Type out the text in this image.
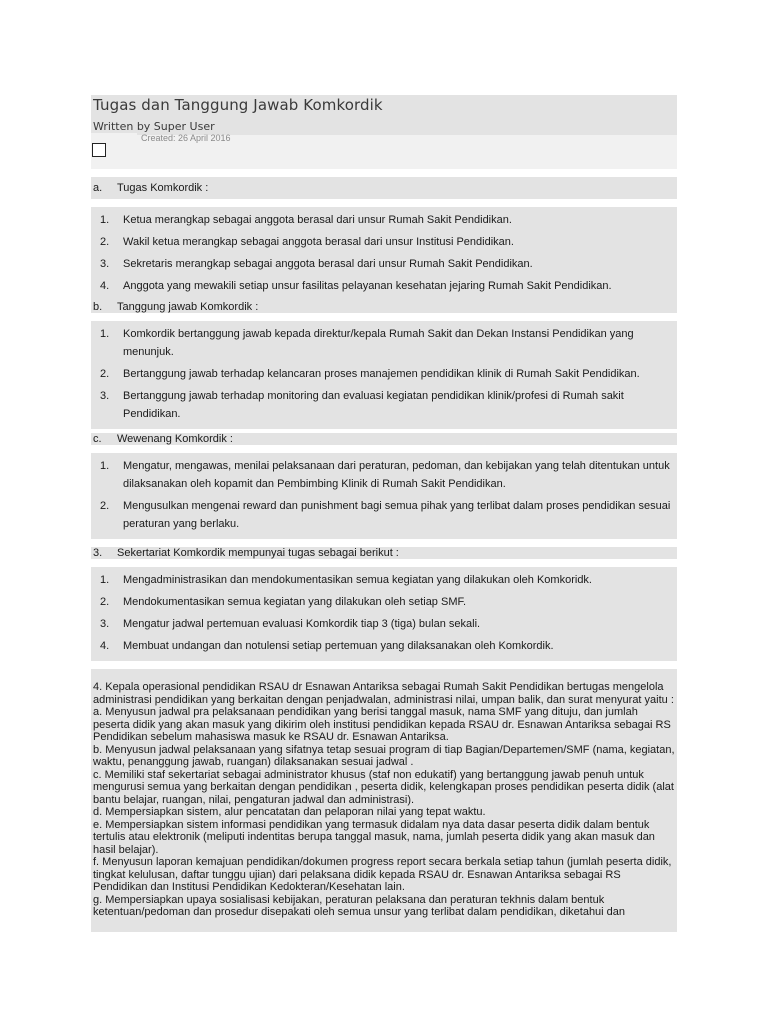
Tugas dan Tanggung Jawab Komkordik
Written by Super User
Created: 26 April 2016
a. Tugas Komkordik :
1. Ketua merangkap sebagai anggota berasal dari unsur Rumah Sakit Pendidikan.
2. Wakil ketua merangkap sebagai anggota berasal dari unsur Institusi Pendidikan.
3. Sekretaris merangkap sebagai anggota berasal dari unsur Rumah Sakit Pendidikan.
4. Anggota yang mewakili setiap unsur fasilitas pelayanan kesehatan jejaring Rumah Sakit Pendidikan.
b. Tanggung jawab Komkordik :
1. Komkordik bertanggung jawab kepada direktur/kepala Rumah Sakit dan Dekan Instansi Pendidikan yang menunjuk.
2. Bertanggung jawab terhadap kelancaran proses manajemen pendidikan klinik di Rumah Sakit Pendidikan.
3. Bertanggung jawab terhadap monitoring dan evaluasi kegiatan pendidikan klinik/profesi di Rumah sakit Pendidikan.
c. Wewenang Komkordik :
1. Mengatur, mengawas, menilai pelaksanaan dari peraturan, pedoman, dan kebijakan yang telah ditentukan untuk dilaksanakan oleh kopamit dan Pembimbing Klinik di Rumah Sakit Pendidikan.
2. Mengusulkan mengenai reward dan punishment bagi semua pihak yang terlibat dalam proses pendidikan sesuai peraturan yang berlaku.
3. Sekertariat Komkordik mempunyai tugas sebagai berikut :
1. Mengadministrasikan dan mendokumentasikan semua kegiatan yang dilakukan oleh Komkoridk.
2. Mendokumentasikan semua kegiatan yang dilakukan oleh setiap SMF.
3. Mengatur jadwal pertemuan evaluasi Komkordik tiap 3 (tiga) bulan sekali.
4. Membuat undangan dan notulensi setiap pertemuan yang dilaksanakan oleh Komkordik.

4. Kepala operasional pendidikan RSAU dr Esnawan Antariksa sebagai Rumah Sakit Pendidikan bertugas mengelola administrasi pendidikan yang berkaitan dengan penjadwalan, administrasi nilai, umpan balik, dan surat menyurat yaitu :

a. Menyusun jadwal pra pelaksanaan pendidikan yang berisi tanggal masuk, nama SMF yang dituju, dan jumlah peserta didik yang akan masuk yang dikirim oleh institusi pendidikan kepada RSAU dr. Esnawan Antariksa sebagai RS Pendidikan sebelum mahasiswa masuk ke RSAU dr. Esnawan Antariksa.

b. Menyusun jadwal pelaksanaan yang sifatnya tetap sesuai program di tiap Bagian/Departemen/SMF (nama, kegiatan, waktu, penanggung jawab, ruangan) dilaksanakan sesuai jadwal .

c. Memiliki staf sekertariat sebagai administrator khusus (staf non edukatif) yang bertanggung jawab penuh untuk mengurusi semua yang berkaitan dengan pendidikan , peserta didik, kelengkapan proses pendidikan peserta didik (alat bantu belajar, ruangan, nilai, pengaturan jadwal dan administrasi).

d. Mempersiapkan sistem, alur pencatatan dan pelaporan nilai yang tepat waktu.

e. Mempersiapkan sistem informasi pendidikan yang termasuk didalam nya data dasar peserta didik dalam bentuk tertulis atau elektronik (meliputi indentitas berupa tanggal masuk, nama, jumlah peserta didik yang akan masuk dan hasil belajar).

f. Menyusun laporan kemajuan pendidikan/dokumen progress report secara berkala setiap tahun (jumlah peserta didik, tingkat kelulusan, daftar tunggu ujian) dari pelaksana didik kepada RSAU dr. Esnawan Antariksa sebagai RS Pendidikan dan Institusi Pendidikan Kedokteran/Kesehatan lain.

g. Mempersiapkan upaya sosialisasi kebijakan, peraturan pelaksana dan peraturan tekhnis dalam bentuk ketentuan/pedoman dan prosedur disepakati oleh semua unsur yang terlibat dalam pendidikan, diketahui dan
